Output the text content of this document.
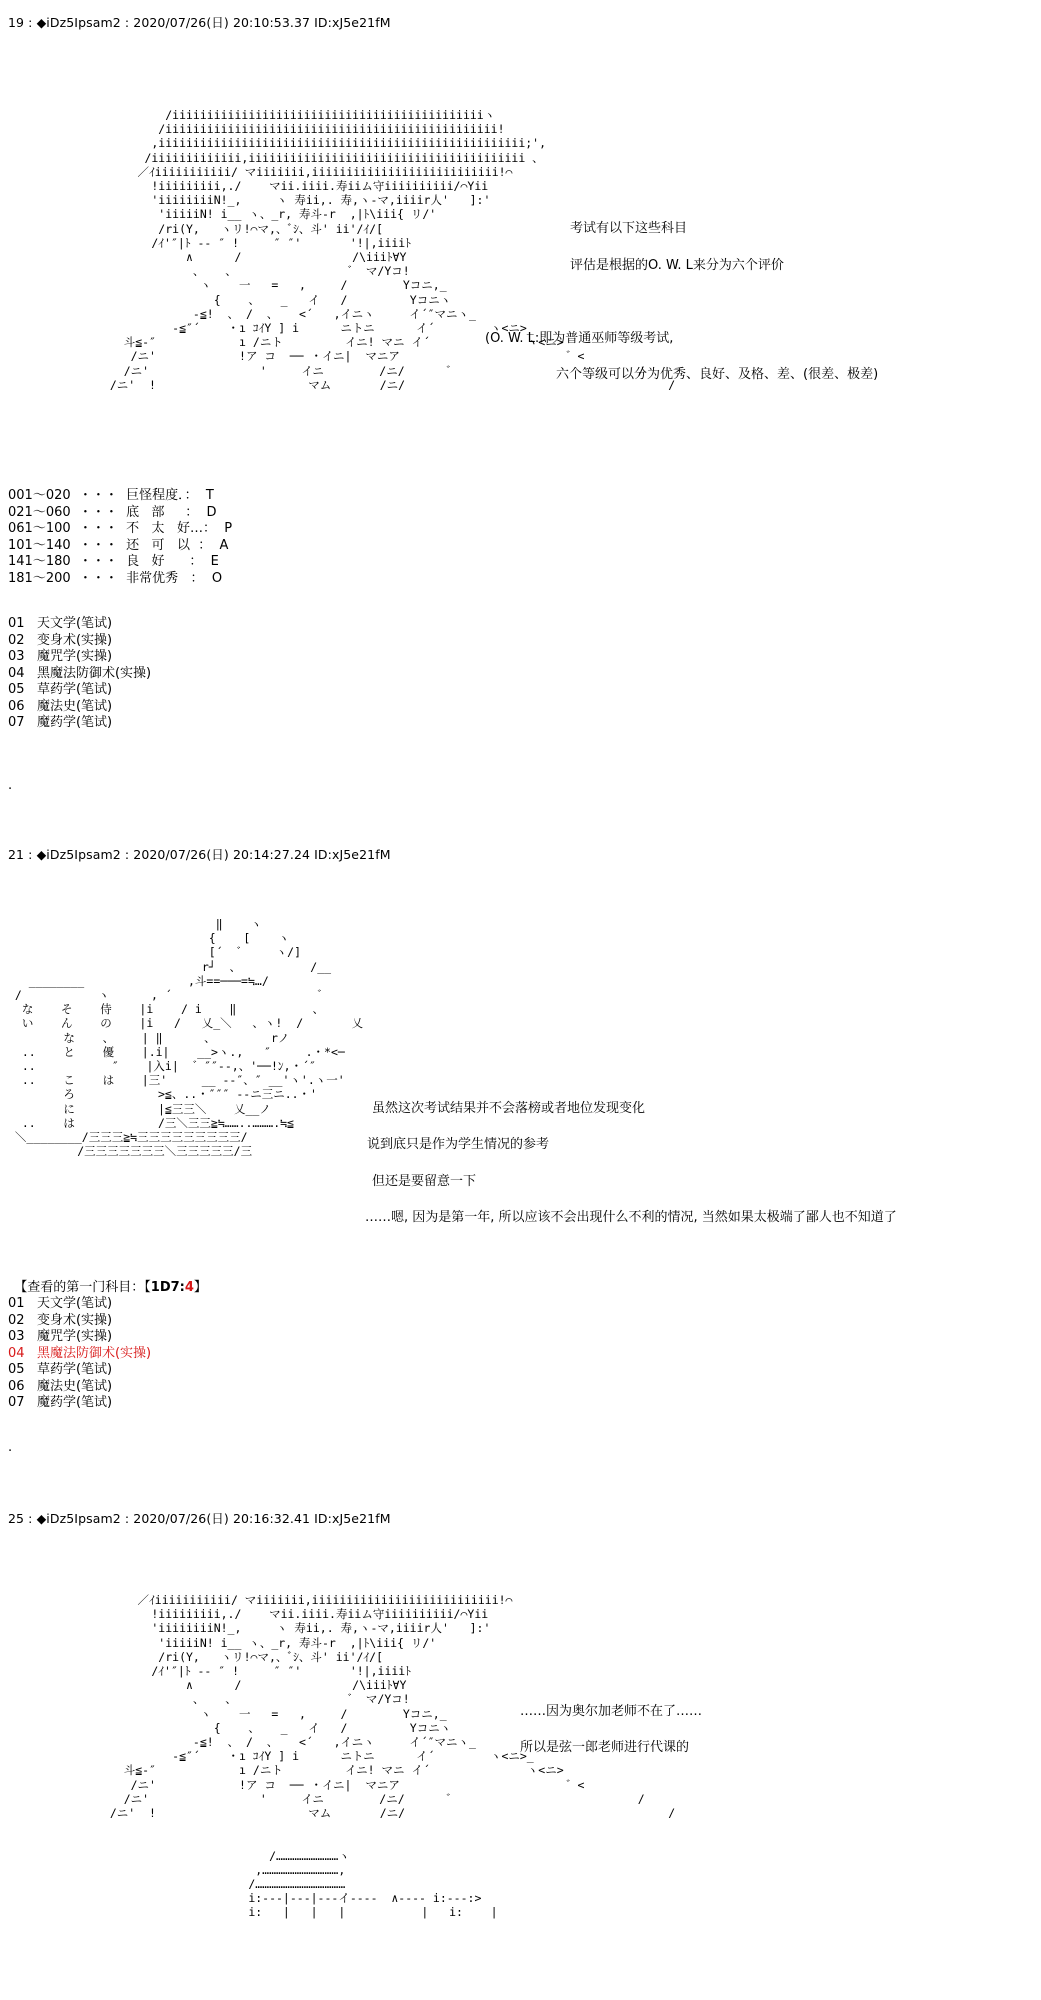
19 : ◆iDz5Ipsam2 : 2020/07/26(日) 20:10:53.37 ID:xJ5e21fM
/iiiiiiiiiiiiiiiiiiiiiiiiiiiiiiiiiiiiiiiiiiiiiヽ
/iiiiiiiiiiiiiiiiiiiiiiiiiiiiiiiiiiiiiiiiiiiiiiii!
,iiiiiiiiiiiiiiiiiiiiiiiiiiiiiiiiiiiiiiiiiiiiiiiiiiiii;',
/iiiiiiiiiiiii,iiiiiiiiiiiiiiiiiiiiiiiiiiiiiiiiiiiiiiii 、
／ｲiiiiiiiiiii/ マiiiiiii,iiiiiiiiiiiiiiiiiiiiiiiiiii!⌒
!iiiiiiiii,./    マii.iiii.寿iiム守iiiiiiiiii/⌒Yii
'iiiiiiiiN!_,     ヽ 寿ii,. 寿,ヽ-マ,iiiir人'   ]:'
'iiiiiN! i__ ヽ、_r, 寿斗-r  ,|ﾄ\iii{ リ/'
/ri(Y,   ヽリ!⌒マ,、ﾞｼ、斗' ii'/ｲ/[
/ｲ'″|ﾄ -- ″ !     ″ ″'       '!|,iiiiﾄ
∧      /                /\iiiﾄ∀Y
、   、                ゛ マ/Yコ!
ヽ    一   =   ,     /        Yコニ,_
{    、   _   イ   /         Yコニヽ
-≦!  、 /  、   <´   ,イニヽ     イ´″マニヽ_
-≦″´    ・ı ｺｲY ] i      ニトニ      イ´        ヽ<ニ>_
斗≦-″            ı /ニト         イニ! マニ イ´              ヽ<ニ>
/ニ'            !ア コ  ── ・イニ|  マニア                        ゛<
/ニ'                '     イニ        /ニ/      ゛                          /
/ニ'  !                      マム       /ニ/                                      /
考试有以下这些科目
评估是根据的O. W. L来分为六个评价
(O. W. L:即为普通巫师等级考试,
六个等级可以分为优秀、良好、及格、差、(很差、极差)
001～020  ・・・  巨怪程度．：  T
021～060  ・・・  底   部     ：  D
061～100  ・・・  不   太   好…：  P
101～140  ・・・  还   可   以  ：  A
141～180  ・・・  良   好      ：  E
181～200  ・・・  非常优秀   ：  O
01   天文学(笔试)
02   变身术(实操)
03   魔咒学(实操)
04   黑魔法防御术(实操)
05   草药学(笔试)
06   魔法史(笔试)
07   魔药学(笔试)
.
21 : ◆iDz5Ipsam2 : 2020/07/26(日) 20:14:27.24 ID:xJ5e21fM
‖    ヽ
{    [    ヽ
[´  ゛    ヽ/]
r┘  、          /__
________               ,斗==───=≒…/
/           ヽ      , ´                     ゛
な    そ    侍    |i    / i    ‖           、
い    ん    の    |i   /   乂_＼   、ヽ!  /       乂
な    、    | ‖      、        rノ
..    と    優    |.i|    __>ヽ.,   ″     .・*<─
..           ″    |入i|  ゛″″--,、'──!ﾝ,・´″
..    こ    は    |三'     __ --″、″ __'ヽ'.ヽ一'
ろ            >≦、..・″″″ --ニ三ニ..・'
に            |≦三三＼    乂__ノ
..    は            /三＼三三≧≒……..……….≒≦
＼________/三三三≧≒三三三三三三三三三/
/三三三三三三三＼三三三三三/三
虽然这次考试结果并不会落榜或者地位发现变化
说到底只是作为学生情况的参考
但还是要留意一下
……嗯, 因为是第一年, 所以应该不会出现什么不利的情况, 当然如果太极端了鄙人也不知道了

【查看的第一门科目：【1D7:4】

01   天文学(笔试)
02   变身术(实操)
03   魔咒学(实操)
04   黑魔法防御术(实操)
05   草药学(笔试)
06   魔法史(笔试)
07   魔药学(笔试)
.
25 : ◆iDz5Ipsam2 : 2020/07/26(日) 20:16:32.41 ID:xJ5e21fM
／ｲiiiiiiiiiii/ マiiiiiii,iiiiiiiiiiiiiiiiiiiiiiiiiii!⌒
!iiiiiiiii,./    マii.iiii.寿iiム守iiiiiiiiii/⌒Yii
'iiiiiiiiN!_,     ヽ 寿ii,. 寿,ヽ-マ,iiiir人'   ]:'
'iiiiiN! i__ ヽ、_r, 寿斗-r  ,|ﾄ\iii{ リ/'
/ri(Y,   ヽリ!⌒マ,、ﾞｼ、斗' ii'/ｲ/[
/ｲ'″|ﾄ -- ″ !     ″ ″'       '!|,iiiiﾄ
∧      /                /\iiiﾄ∀Y
、   、                ゛ マ/Yコ!
ヽ    一   =   ,     /        Yコニ,_
{    、   _   イ   /         Yコニヽ
-≦!  、 /  、   <´   ,イニヽ     イ´″マニヽ_
-≦″´    ・ı ｺｲY ] i      ニトニ      イ´        ヽ<ニ>_
斗≦-″            ı /ニト         イニ! マニ イ´              ヽ<ニ>
/ニ'            !ア コ  ── ・イニ|  マニア                        ゛<
/ニ'                '     イニ        /ニ/      ゛                          /
/ニ'  !                      マム       /ニ/                                      /

/………………………ヽ
,……………………………,
/…………………………………
i:---|---|---イ----  ∧---- i:---:>
i:   |   |   |           |   i:    |
……因为奥尔加老师不在了……
所以是弦一郎老师进行代课的
